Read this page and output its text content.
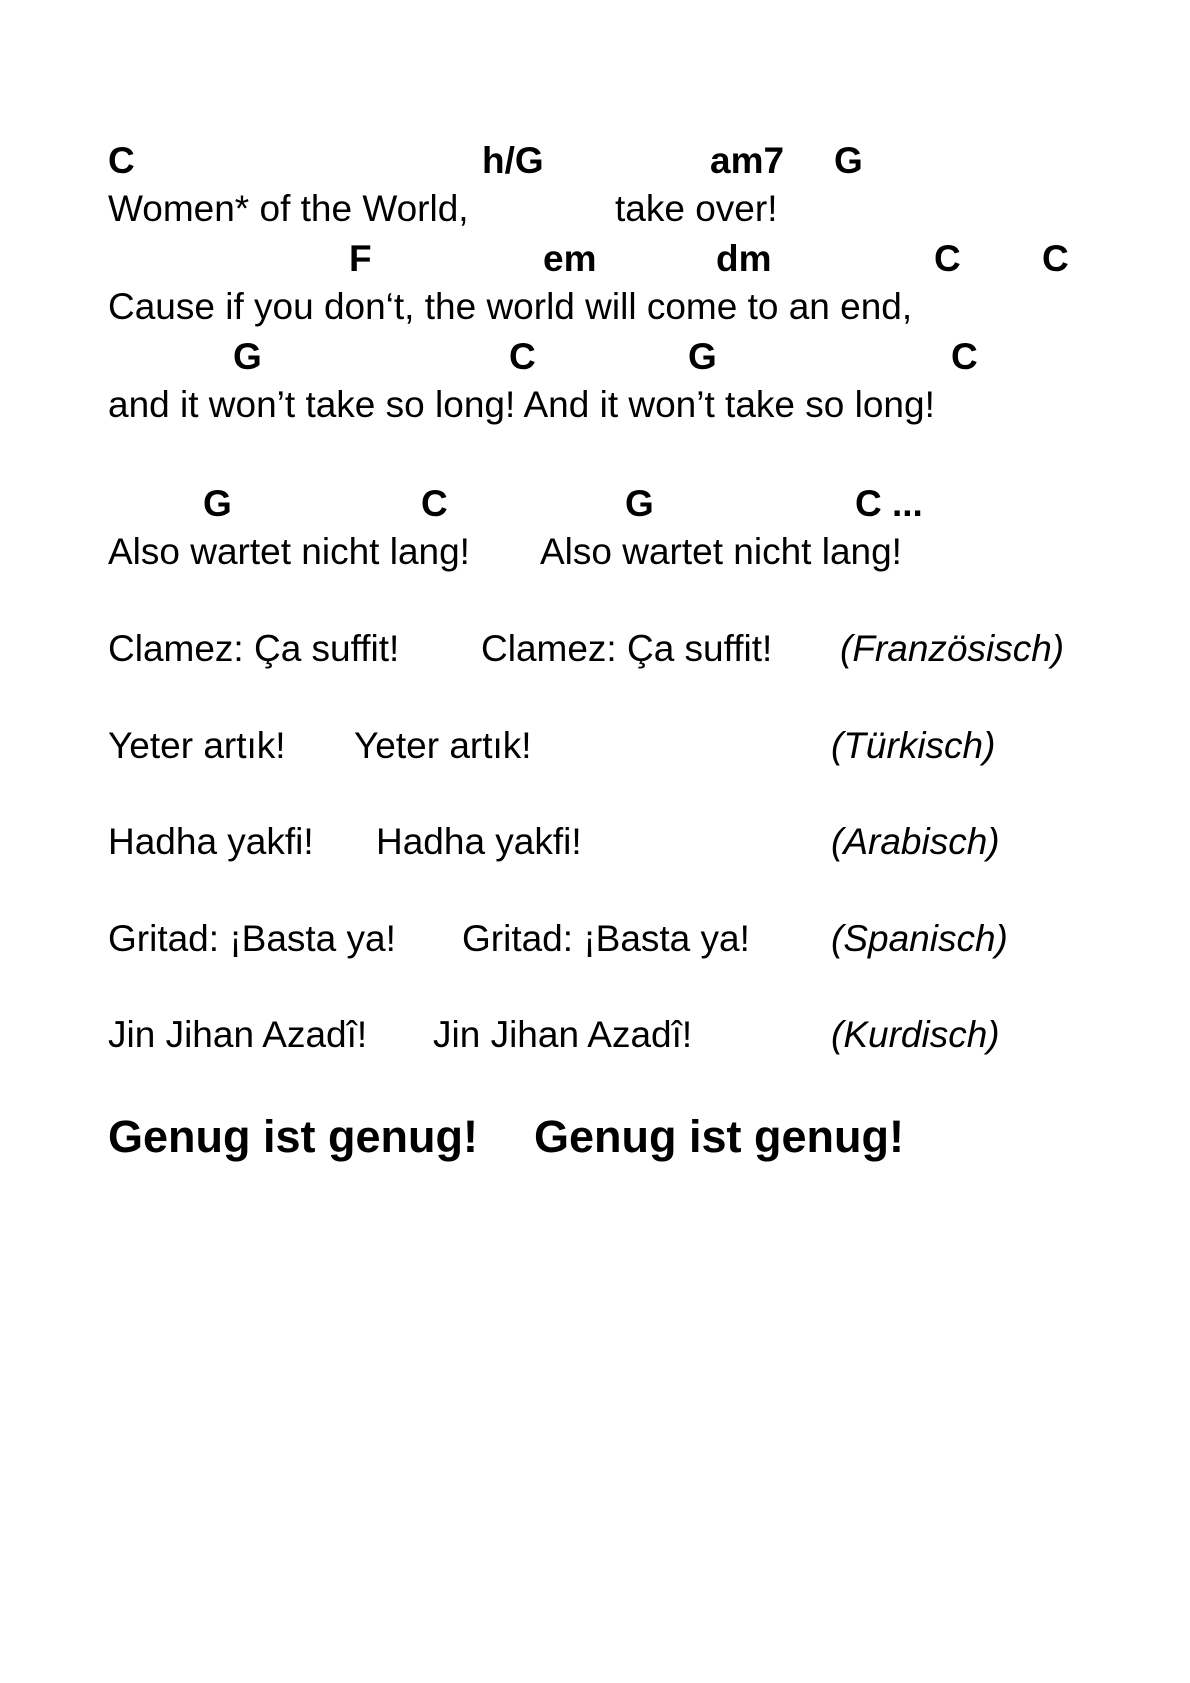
C	h/G	am7 G
Women* of the World,	take over!
F	em	dm	C C
Cause if you don‘t, the world will come to an end,
G	C	G	C
and it won’t take so long! And it won’t take so long!
G	C	G	C ...
Also wartet nicht lang! Also wartet nicht lang!
Clamez: Ça suffit! Clamez: Ça suffit! (Französisch)
Yeter artık! Yeter artık!	(Türkisch)
Hadha yakfi! Hadha yakfi!	(Arabisch)
Gritad: ¡Basta ya! Gritad: ¡Basta ya! (Spanisch)
Jin Jihan Azadî! Jin Jihan Azadî!	(Kurdisch)
Genug ist genug! Genug ist genug!
